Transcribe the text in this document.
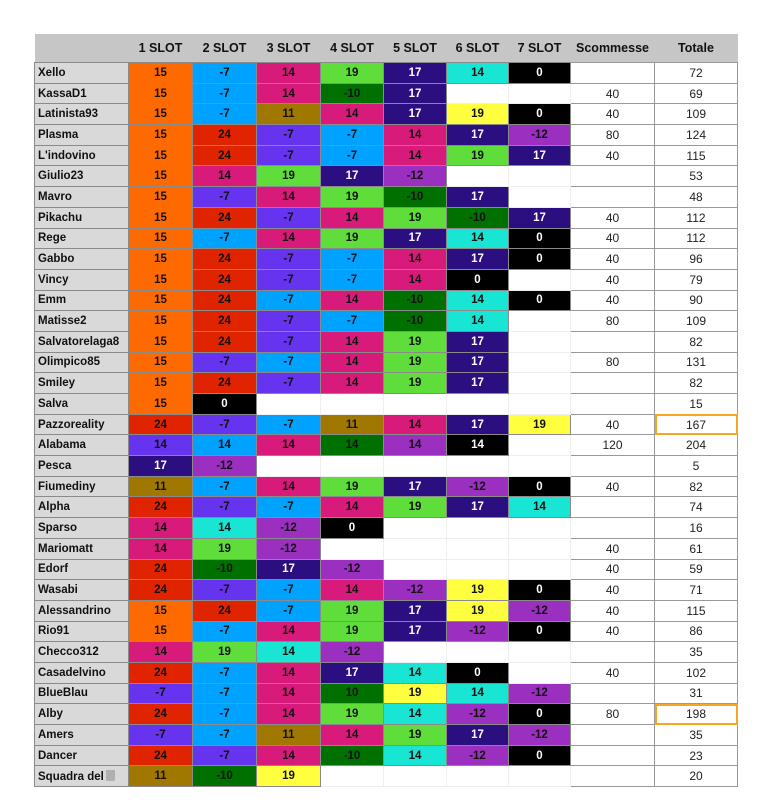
	1 SLOT	2 SLOT	3 SLOT	4 SLOT	5 SLOT	6 SLOT	7 SLOT	Scommesse	Totale
Xello	15	-7	14	19	17	14	0		72
KassaD1	15	-7	14	-10	17			40	69
Latinista93	15	-7	11	14	17	19	0	40	109
Plasma	15	24	-7	-7	14	17	-12	80	124
L'indovino	15	24	-7	-7	14	19	17	40	115
Giulio23	15	14	19	17	-12				53
Mavro	15	-7	14	19	-10	17			48
Pikachu	15	24	-7	14	19	-10	17	40	112
Rege	15	-7	14	19	17	14	0	40	112
Gabbo	15	24	-7	-7	14	17	0	40	96
Vincy	15	24	-7	-7	14	0		40	79
Emm	15	24	-7	14	-10	14	0	40	90
Matisse2	15	24	-7	-7	-10	14		80	109
Salvatorelaga8	15	24	-7	14	19	17			82
Olimpico85	15	-7	-7	14	19	17		80	131
Smiley	15	24	-7	14	19	17			82
Salva	15	0							15
Pazzoreality	24	-7	-7	11	14	17	19	40	167
Alabama	14	14	14	14	14	14		120	204
Pesca	17	-12							5
Fiumediny	11	-7	14	19	17	-12	0	40	82
Alpha	24	-7	-7	14	19	17	14		74
Sparso	14	14	-12	0					16
Mariomatt	14	19	-12					40	61
Edorf	24	-10	17	-12				40	59
Wasabi	24	-7	-7	14	-12	19	0	40	71
Alessandrino	15	24	-7	19	17	19	-12	40	115
Rio91	15	-7	14	19	17	-12	0	40	86
Checco312	14	19	14	-12					35
Casadelvino	24	-7	14	17	14	0		40	102
BlueBlau	-7	-7	14	10	19	14	-12		31
Alby	24	-7	14	19	14	-12	0	80	198
Amers	-7	-7	11	14	19	17	-12		35
Dancer	24	-7	14	-10	14	-12	0		23
Squadra del	11	-10	19						20
